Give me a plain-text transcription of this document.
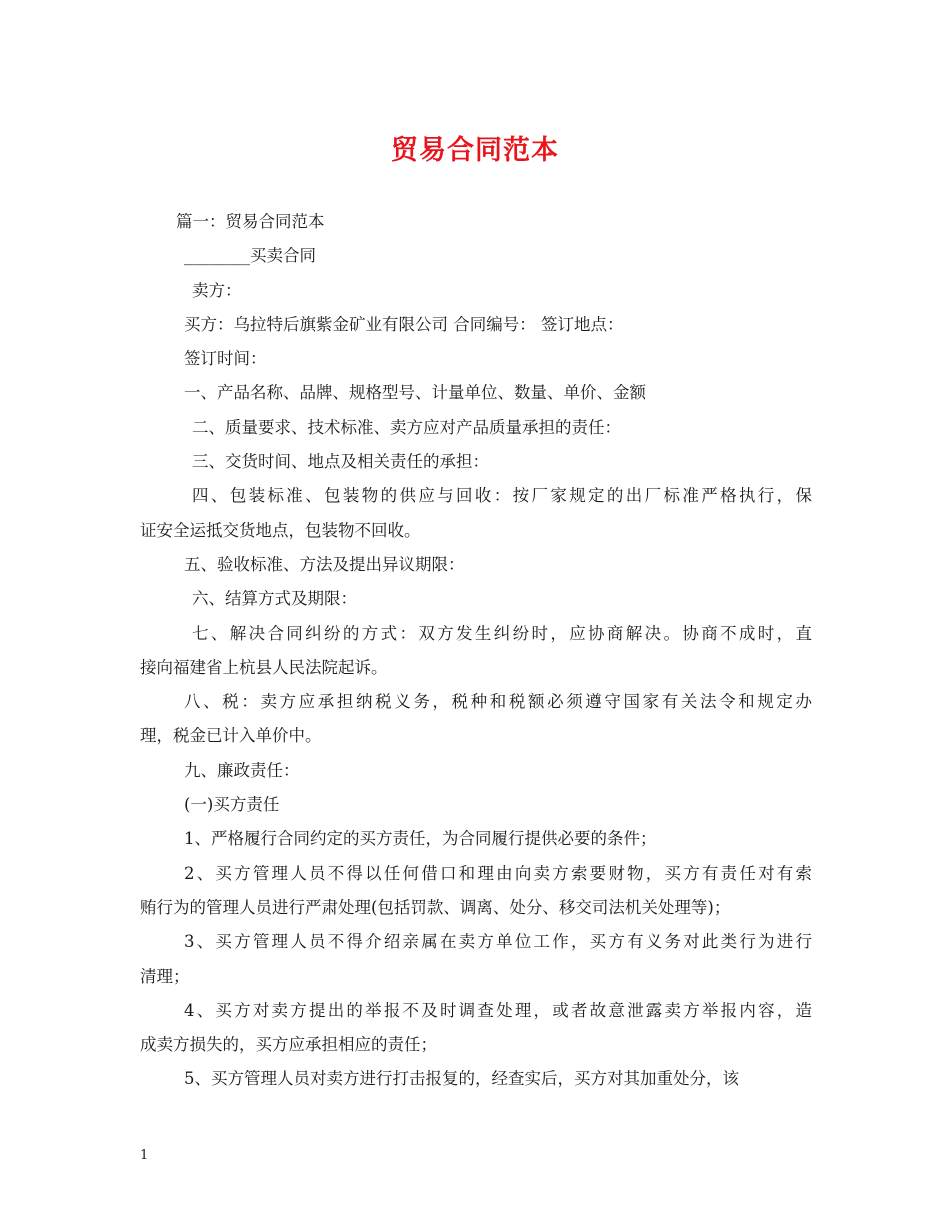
贸易合同范本
篇一：贸易合同范本
________买卖合同
卖方：
买方：乌拉特后旗紫金矿业有限公司 合同编号： 签订地点：
签订时间：
一、产品名称、品牌、规格型号、计量单位、数量、单价、金额
二、质量要求、技术标准、卖方应对产品质量承担的责任：
三、交货时间、地点及相关责任的承担：
四、包装标准、包装物的供应与回收：按厂家规定的出厂标准严格执行，保
证安全运抵交货地点，包装物不回收。
五、验收标准、方法及提出异议期限：
六、结算方式及期限：
七、解决合同纠纷的方式：双方发生纠纷时，应协商解决。协商不成时，直
接向福建省上杭县人民法院起诉。
八、税：卖方应承担纳税义务，税种和税额必须遵守国家有关法令和规定办
理，税金已计入单价中。
九、廉政责任：
(一)买方责任
1、严格履行合同约定的买方责任，为合同履行提供必要的条件；
2、买方管理人员不得以任何借口和理由向卖方索要财物，买方有责任对有索
贿行为的管理人员进行严肃处理(包括罚款、调离、处分、移交司法机关处理等)；
3、买方管理人员不得介绍亲属在卖方单位工作，买方有义务对此类行为进行
清理；
4、买方对卖方提出的举报不及时调查处理，或者故意泄露卖方举报内容，造
成卖方损失的，买方应承担相应的责任；
5、买方管理人员对卖方进行打击报复的，经查实后，买方对其加重处分，该
1
